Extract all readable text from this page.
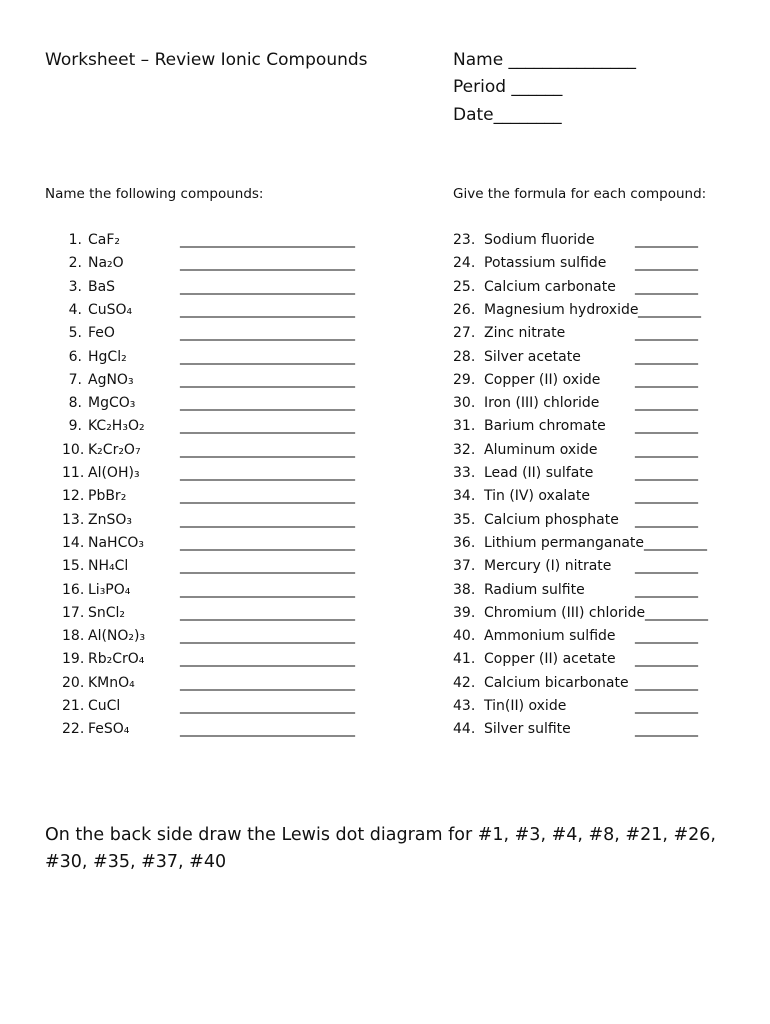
Worksheet – Review Ionic Compounds	Name _______________
Period ______
Date________
Name the following compounds:	Give the formula for each compound:
1. CaF₂	_________________________
2. Na₂O	_________________________
3. BaS	_________________________
4. CuSO₄	_________________________
5. FeO	_________________________
6. HgCl₂	_________________________
7. AgNO₃	_________________________
8. MgCO₃	_________________________
9. KC₂H₃O₂	_________________________
10. K₂Cr₂O₇	_________________________
11. Al(OH)₃	_________________________
12. PbBr₂	_________________________
13. ZnSO₃	_________________________
14. NaHCO₃	_________________________
15. NH₄Cl	_________________________
16. Li₃PO₄	_________________________
17. SnCl₂	_________________________
18. Al(NO₂)₃ _________________________
19. Rb₂CrO₄	_________________________
20. KMnO₄	_________________________
21. CuCl	_________________________
22. FeSO₄	_________________________
23. Sodium fluoride	_________
24. Potassium sulfide _________
25. Calcium carbonate _________
26. Magnesium hydroxide _________
27. Zinc nitrate	_________
28. Silver acetate	_________
29. Copper (II) oxide _________
30. Iron (III) chloride	_________
31. Barium chromate _________
32. Aluminum oxide	_________
33. Lead (II) sulfate	_________
34. Tin (IV) oxalate	_________
35. Calcium phosphate _________
36. Lithium permanganate _________
37. Mercury (I) nitrate _________
38. Radium sulfite	_________
39. Chromium (III) chloride _________
40. Ammonium sulfide _________
41. Copper (II) acetate _________
42. Calcium bicarbonate _________
43. Tin(II) oxide	_________
44. Silver sulfite	_________
On the back side draw the Lewis dot diagram for #1, #3, #4, #8, #21, #26, #30, #35, #37, #40
